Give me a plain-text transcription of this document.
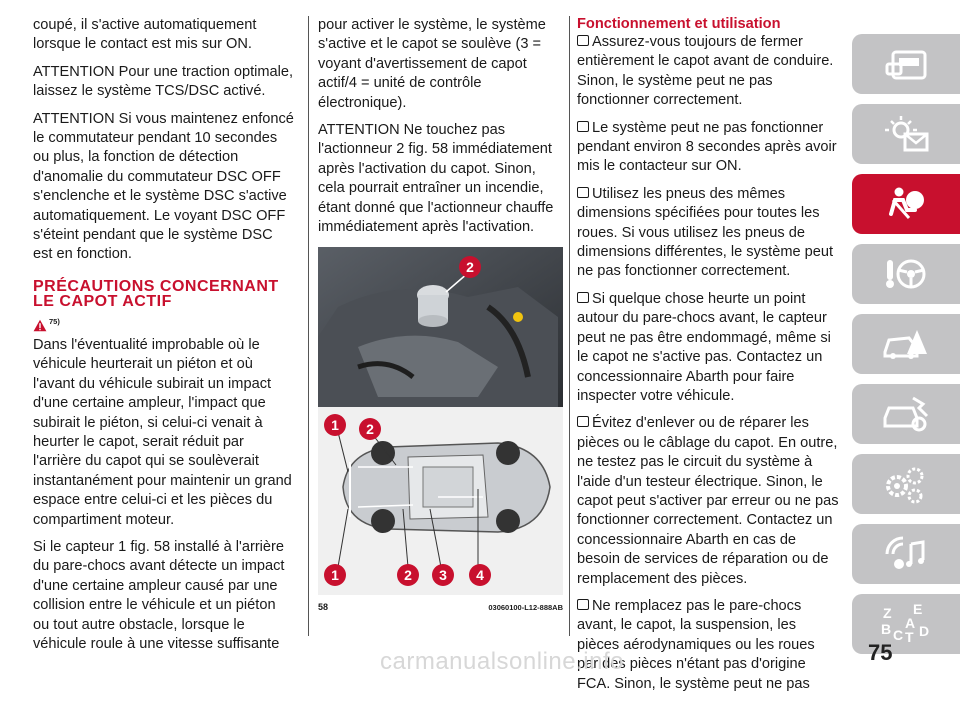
coupé, il s'active automatiquement lorsque le contact est mis sur ON.

ATTENTION Pour une traction optimale, laissez le système TCS/DSC activé.

ATTENTION Si vous maintenez enfoncé le commutateur pendant 10 secondes ou plus, la fonction de détection d'anomalie du commutateur DSC OFF s'enclenche et le système DSC s'active automatiquement. Le voyant DSC OFF s'éteint pendant que le système DSC est en fonction.

PRÉCAUTIONS CONCERNANT LE CAPOT ACTIF
75)

Dans l'éventualité improbable où le véhicule heurterait un piéton et où l'avant du véhicule subirait un impact d'une certaine ampleur, l'impact que subirait le piéton, si celui-ci venait à heurter le capot, serait réduit par l'arrière du capot qui se soulèverait instantanément pour maintenir un grand espace entre celui-ci et les pièces du compartiment moteur.

Si le capteur 1 fig. 58 installé à l'arrière du pare-chocs avant détecte un impact d'une certaine ampleur causé par une collision entre le véhicule et un piéton ou tout autre obstacle, lorsque le véhicule roule à une vitesse suffisante

pour activer le système, le système s'active et le capot se soulève (3 = voyant d'avertissement de capot actif/4 = unité de contrôle électronique).

ATTENTION Ne touchez pas l'actionneur 2 fig. 58 immédiatement après l'activation du capot. Sinon, cela pourrait entraîner un incendie, étant donné que l'actionneur chauffe immédiatement après l'activation.

2
1 2
1	2 3 4
58	03060100-L12-888AB
Fonctionnement et utilisation

Assurez-vous toujours de fermer entièrement le capot avant de conduire. Sinon, le système peut ne pas fonctionner correctement.

Le système peut ne pas fonctionner pendant environ 8 secondes après avoir mis le contacteur sur ON.

Utilisez les pneus des mêmes dimensions spécifiées pour toutes les roues. Si vous utilisez les pneus de dimensions différentes, le système peut ne pas fonctionner correctement.

Si quelque chose heurte un point autour du pare-chocs avant, le capteur peut ne pas être endommagé, même si le capot ne s'active pas. Contactez un concessionnaire Abarth pour faire inspecter votre véhicule.

Évitez d'enlever ou de réparer les pièces ou le câblage du capot. En outre, ne testez pas le circuit du système à l'aide d'un testeur électrique. Sinon, le capot peut s'activer par erreur ou ne pas fonctionner correctement. Contactez un concessionnaire Abarth en cas de besoin de services de réparation ou de remplacement des pièces.

Ne remplacez pas le pare-chocs avant, le capot, la suspension, les pièces aérodynamiques ou les roues par des pièces n'étant pas d'origine FCA. Sinon, le système peut ne pas

Z E
B A
C T D
75
carmanualsonline.info
